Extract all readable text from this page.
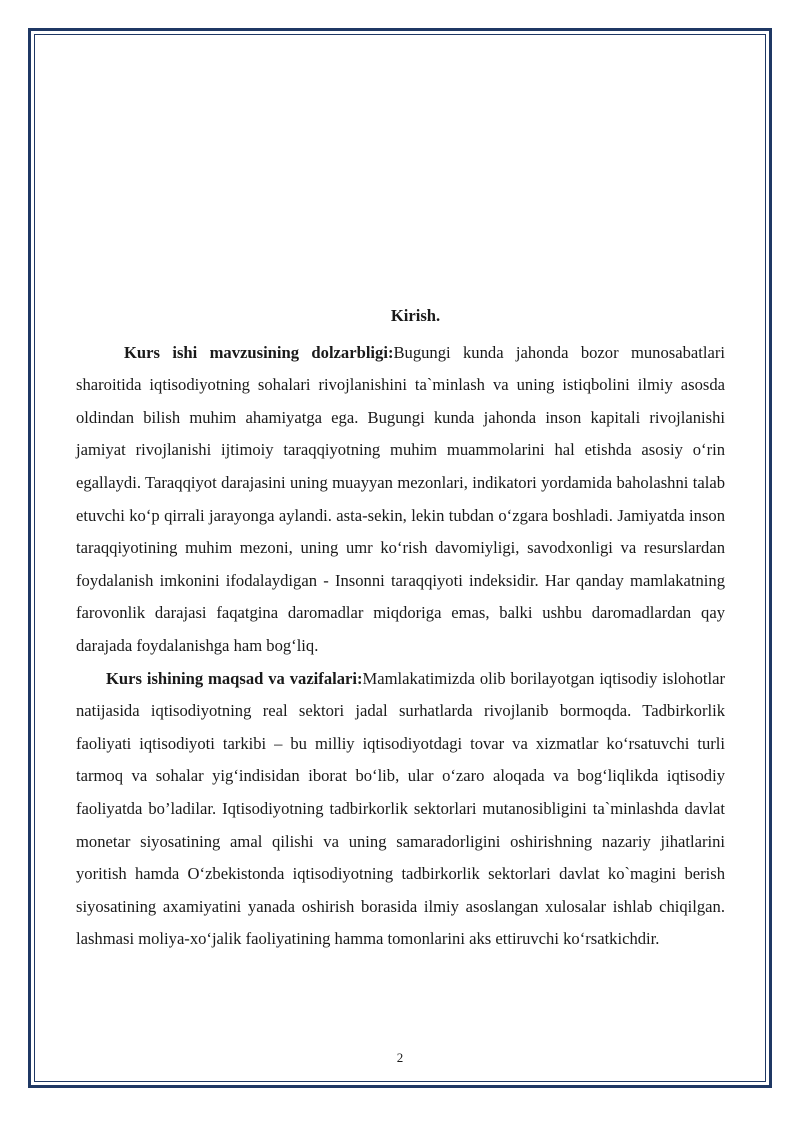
Kirish.

Kurs ishi mavzusining dolzarbligi:Bugungi kunda jahonda bozor munosabatlari sharoitida iqtisodiyotning sohalari rivojlanishini ta`minlash va uning istiqbolini ilmiy asosda oldindan bilish muhim ahamiyatga ega. Bugungi kunda jahonda inson kapitali rivojlanishi jamiyat rivojlanishi ijtimoiy taraqqiyotning muhim muammolarini hal etishda asosiy o‘rin egallaydi. Taraqqiyot darajasini uning muayyan mezonlari, indikatori yordamida baholashni talab etuvchi ko‘p qirrali jarayonga aylandi. asta-sekin, lekin tubdan o‘zgara boshladi. Jamiyatda inson taraqqiyotining muhim mezoni, uning umr ko‘rish davomiyligi, savodxonligi va resurslardan foydalanish imkonini ifodalaydigan - Insonni taraqqiyoti indeksidir. Har qanday mamlakatning farovonlik darajasi faqatgina daromadlar miqdoriga emas, balki ushbu daromadlardan qay darajada foydalanishga ham bog‘liq.

Kurs ishining maqsad va vazifalari:Mamlakatimizda olib borilayotgan iqtisodiy islohotlar natijasida iqtisodiyotning real sektori jadal surhatlarda rivojlanib bormoqda. Tadbirkorlik faoliyati iqtisodiyoti tarkibi – bu milliy iqtisodiyotdagi tovar va xizmatlar ko‘rsatuvchi turli tarmoq va sohalar yig‘indisidan iborat bo‘lib, ular o‘zaro aloqada va bog‘liqlikda iqtisodiy faoliyatda bo’ladilar. Iqtisodiyotning tadbirkorlik sektorlari mutanosibligini ta`minlashda davlat monetar siyosatining amal qilishi va uning samaradorligini oshirishning nazariy jihatlarini yoritish hamda O‘zbekistonda iqtisodiyotning tadbirkorlik sektorlari davlat ko`magini berish siyosatining axamiyatini yanada oshirish borasida ilmiy asoslangan xulosalar ishlab chiqilgan. lashmasi moliya-xo‘jalik faoliyatining hamma tomonlarini aks ettiruvchi ko‘rsatkichdir.

2
